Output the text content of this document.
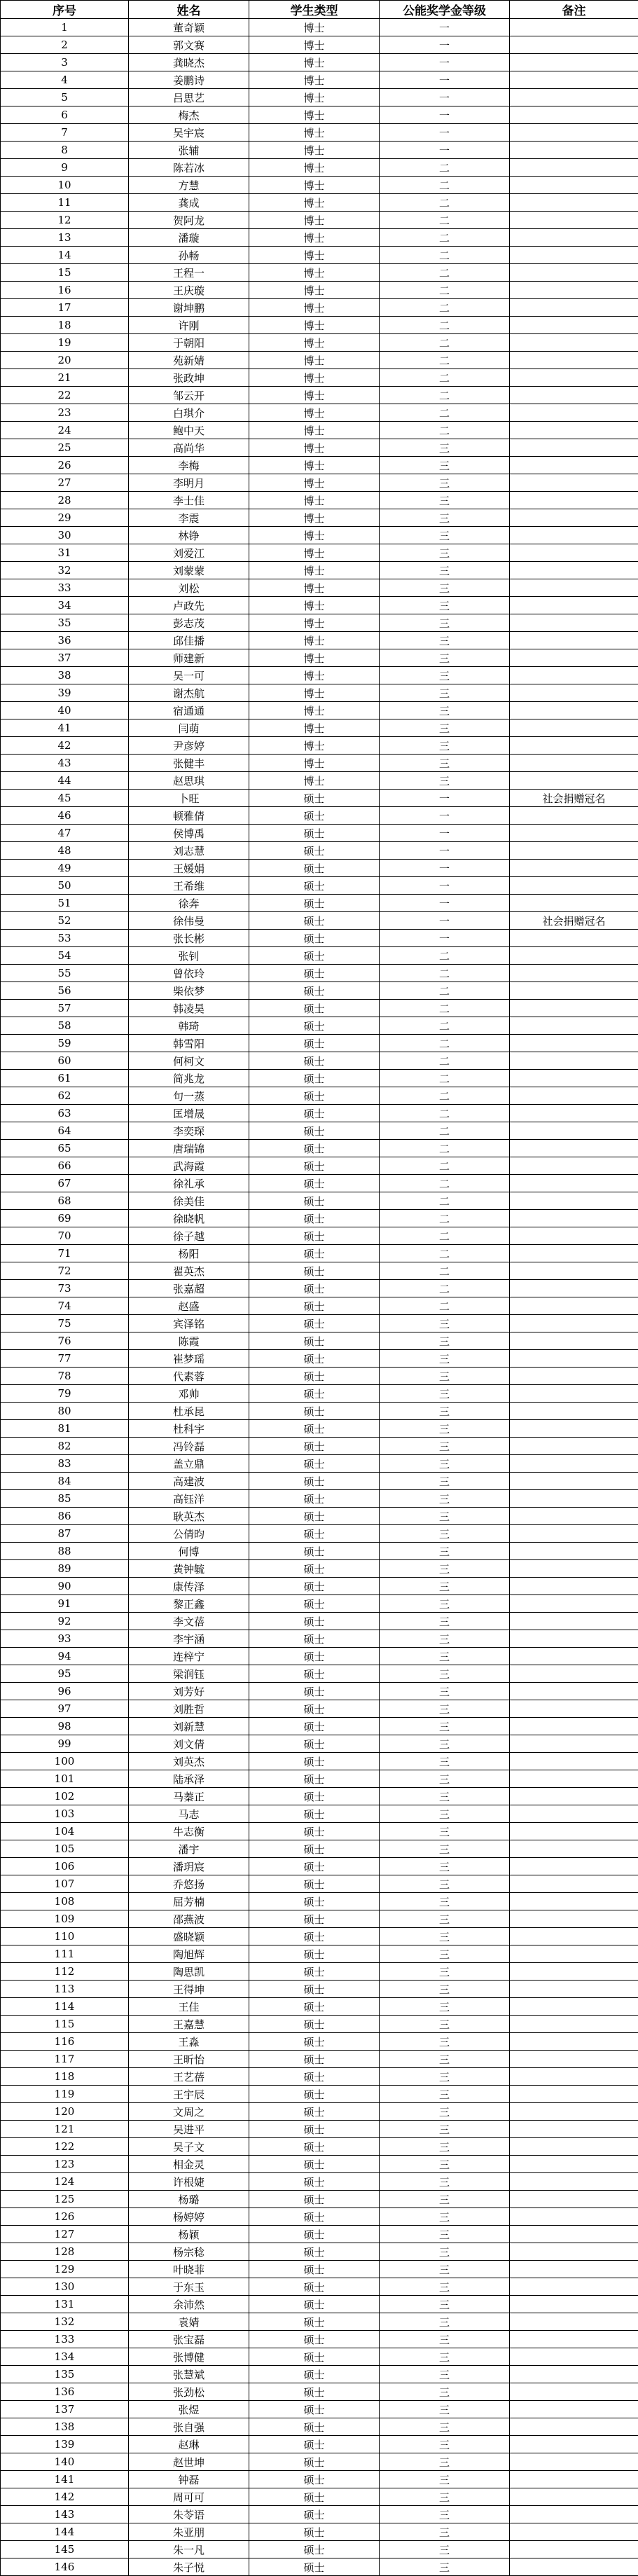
序号	姓名	学生类型	公能奖学金等级	备注
1	董奇颖	博士	一	
2	郭文赛	博士	一	
3	龚晓杰	博士	一	
4	姜鹏诗	博士	一	
5	吕思艺	博士	一	
6	梅杰	博士	一	
7	吴宇宸	博士	一	
8	张辅	博士	一	
9	陈若冰	博士	二	
10	方慧	博士	二	
11	龚成	博士	二	
12	贺阿龙	博士	二	
13	潘璇	博士	二	
14	孙畅	博士	二	
15	王程一	博士	二	
16	王庆璇	博士	二	
17	谢坤鹏	博士	二	
18	许刚	博士	二	
19	于朝阳	博士	二	
20	苑新婧	博士	二	
21	张政坤	博士	二	
22	邹云开	博士	二	
23	白琪介	博士	二	
24	鲍中天	博士	二	
25	高尚华	博士	三	
26	李梅	博士	三	
27	李明月	博士	三	
28	李士佳	博士	三	
29	李震	博士	三	
30	林铮	博士	三	
31	刘爱江	博士	三	
32	刘蒙蒙	博士	三	
33	刘松	博士	三	
34	卢政先	博士	三	
35	彭志茂	博士	三	
36	邱佳播	博士	三	
37	师建新	博士	三	
38	吴一可	博士	三	
39	谢杰航	博士	三	
40	宿通通	博士	三	
41	闫萌	博士	三	
42	尹彦婷	博士	三	
43	张健丰	博士	三	
44	赵思琪	博士	三	
45	卜旺	硕士	一	社会捐赠冠名
46	顿雅倩	硕士	一	
47	侯博禹	硕士	一	
48	刘志慧	硕士	一	
49	王媛娟	硕士	一	
50	王希维	硕士	一	
51	徐奔	硕士	一	
52	徐伟曼	硕士	一	社会捐赠冠名
53	张长彬	硕士	一	
54	张钊	硕士	二	
55	曾依玲	硕士	二	
56	柴依梦	硕士	二	
57	韩凌昊	硕士	二	
58	韩琦	硕士	二	
59	韩雪阳	硕士	二	
60	何柯文	硕士	二	
61	简兆龙	硕士	二	
62	句一蒸	硕士	二	
63	匡增晟	硕士	二	
64	李奕琛	硕士	二	
65	唐瑞锦	硕士	二	
66	武海霞	硕士	二	
67	徐礼承	硕士	二	
68	徐美佳	硕士	二	
69	徐晓帆	硕士	二	
70	徐子越	硕士	二	
71	杨阳	硕士	二	
72	翟英杰	硕士	二	
73	张嘉超	硕士	二	
74	赵盛	硕士	二	
75	宾泽铭	硕士	三	
76	陈霞	硕士	三	
77	崔梦瑶	硕士	三	
78	代素蓉	硕士	三	
79	邓帅	硕士	三	
80	杜承昆	硕士	三	
81	杜科宇	硕士	三	
82	冯铃磊	硕士	三	
83	盖立鼎	硕士	三	
84	高建波	硕士	三	
85	高钰洋	硕士	三	
86	耿英杰	硕士	三	
87	公倩昀	硕士	三	
88	何博	硕士	三	
89	黄钟毓	硕士	三	
90	康传泽	硕士	三	
91	黎正鑫	硕士	三	
92	李文蓓	硕士	三	
93	李宇涵	硕士	三	
94	连梓宁	硕士	三	
95	梁润钰	硕士	三	
96	刘芳好	硕士	三	
97	刘胜哲	硕士	三	
98	刘新慧	硕士	三	
99	刘文倩	硕士	三	
100	刘英杰	硕士	三	
101	陆承泽	硕士	三	
102	马蓁正	硕士	三	
103	马志	硕士	三	
104	牛志衡	硕士	三	
105	潘宇	硕士	三	
106	潘玥宸	硕士	三	
107	乔悠扬	硕士	三	
108	屈芳楠	硕士	三	
109	邵燕波	硕士	三	
110	盛晓颖	硕士	三	
111	陶旭辉	硕士	三	
112	陶思凯	硕士	三	
113	王得坤	硕士	三	
114	王佳	硕士	三	
115	王嘉慧	硕士	三	
116	王淼	硕士	三	
117	王昕怡	硕士	三	
118	王艺蓓	硕士	三	
119	王宇辰	硕士	三	
120	文周之	硕士	三	
121	吴进平	硕士	三	
122	吴子文	硕士	三	
123	相金灵	硕士	三	
124	许根婕	硕士	三	
125	杨璐	硕士	三	
126	杨婷婷	硕士	三	
127	杨颖	硕士	三	
128	杨宗稔	硕士	三	
129	叶晓菲	硕士	三	
130	于东玉	硕士	三	
131	余沛然	硕士	三	
132	袁婧	硕士	三	
133	张宝磊	硕士	三	
134	张博健	硕士	三	
135	张慧斌	硕士	三	
136	张劲松	硕士	三	
137	张煜	硕士	三	
138	张自强	硕士	三	
139	赵琳	硕士	三	
140	赵世坤	硕士	三	
141	钟磊	硕士	三	
142	周可可	硕士	三	
143	朱苓语	硕士	三	
144	朱亚朋	硕士	三	
145	朱一凡	硕士	三	
146	朱子悦	硕士	三	
